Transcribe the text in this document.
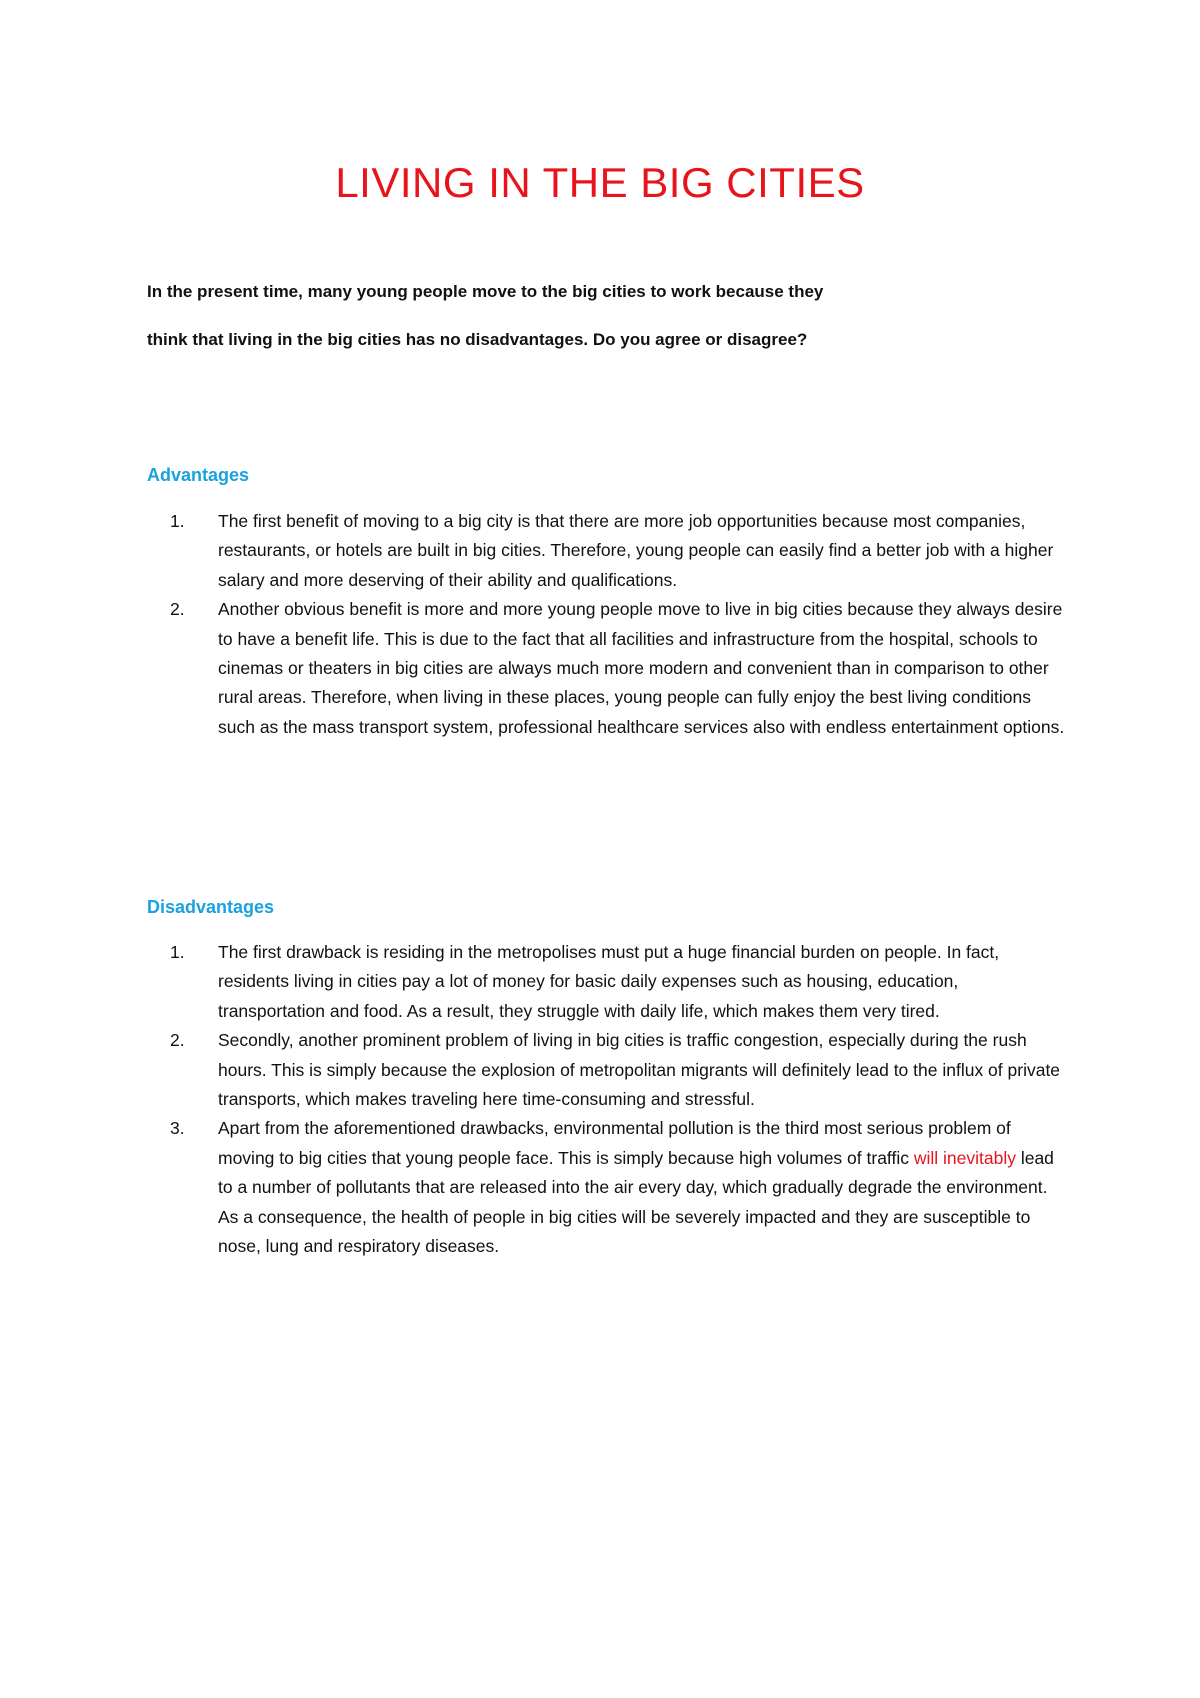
LIVING IN THE BIG CITIES

In the present time, many young people move to the big cities to work because they

think that living in the big cities has no disadvantages. Do you agree or disagree?

Advantages
1.	The first benefit of moving to a big city is that there are more job opportunities because most companies, restaurants, or hotels are built in big cities. Therefore, young people can easily find a better job with a higher salary and more deserving of their ability and qualifications.
2.	Another obvious benefit is more and more young people move to live in big cities because they always desire to have a benefit life. This is due to the fact that all facilities and infrastructure from the hospital, schools to cinemas or theaters in big cities are always much more modern and convenient than in comparison to other rural areas. Therefore, when living in these places, young people can fully enjoy the best living conditions such as the mass transport system, professional healthcare services also with endless entertainment options.
Disadvantages
1.	The first drawback is residing in the metropolises must put a huge financial burden on people. In fact, residents living in cities pay a lot of money for basic daily expenses such as housing, education, transportation and food. As a result, they struggle with daily life, which makes them very tired.
2.	Secondly, another prominent problem of living in big cities is traffic congestion, especially during the rush hours. This is simply because the explosion of metropolitan migrants will definitely lead to the influx of private transports, which makes traveling here time-consuming and stressful.
3.	Apart from the aforementioned drawbacks, environmental pollution is the third most serious problem of moving to big cities that young people face. This is simply because high volumes of traffic will inevitably lead to a number of pollutants that are released into the air every day, which gradually degrade the environment. As a consequence, the health of people in big cities will be severely impacted and they are susceptible to nose, lung and respiratory diseases.
